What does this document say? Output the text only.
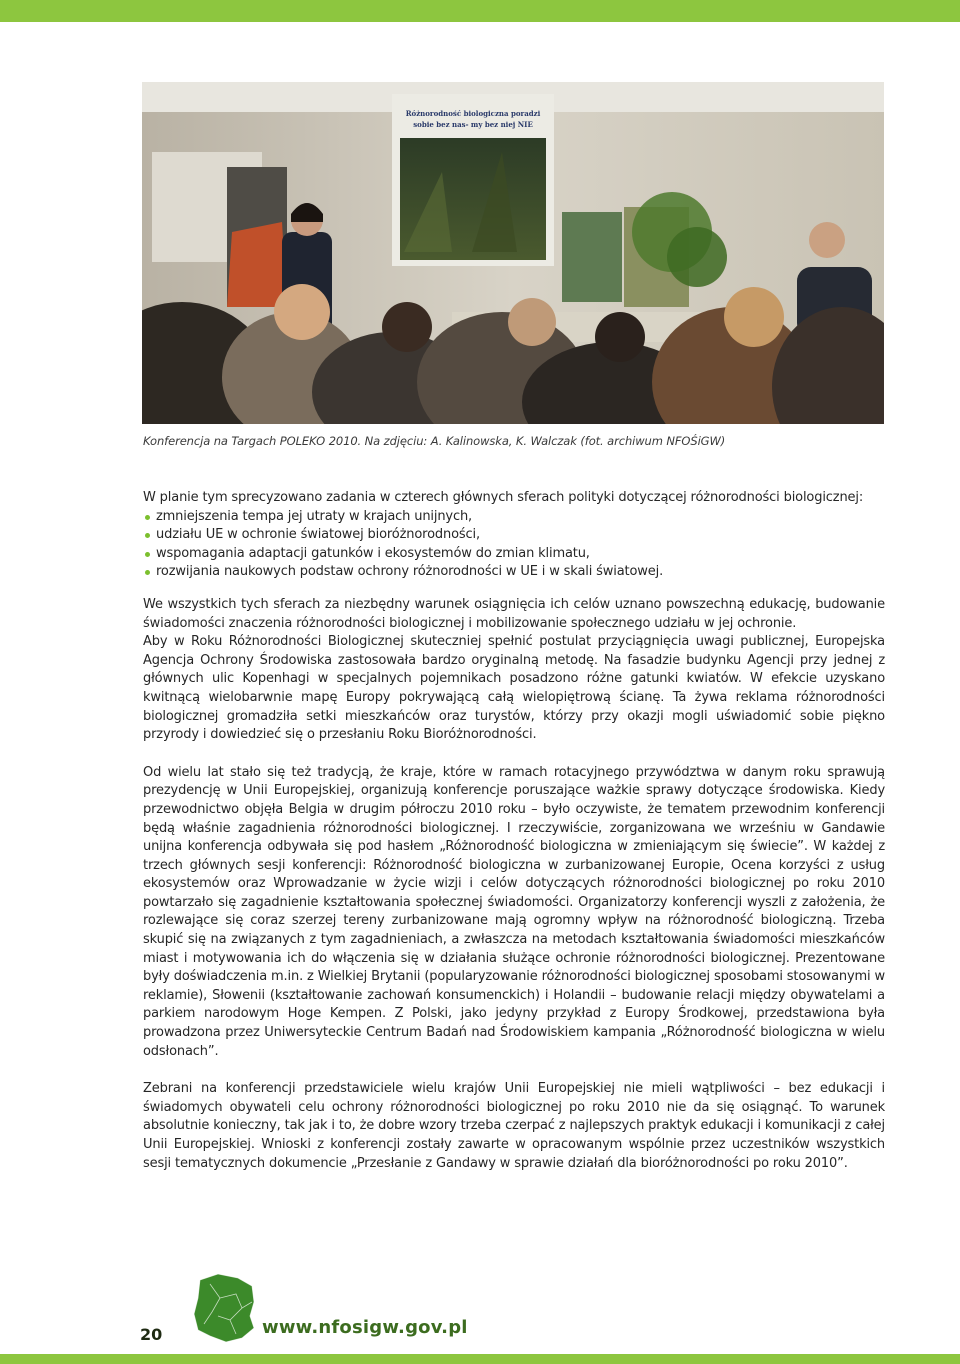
Różnorodność biologiczna poradzi
sobie bez nas- my bez niej NIE
Konferencja na Targach POLEKO 2010. Na zdjęciu: A. Kalinowska, K. Walczak (fot. archiwum NFOŚiGW)

W planie tym sprecyzowano zadania w czterech głównych sferach polityki dotyczącej różnorodności biologicznej:

zmniejszenia tempa jej utraty w krajach unijnych,
udziału UE w ochronie światowej bioróżnorodności,
wspomagania adaptacji gatunków i ekosystemów do zmian klimatu,
rozwijania naukowych podstaw ochrony różnorodności w UE i w skali światowej.

We wszystkich tych sferach za niezbędny warunek osiągnięcia ich celów uznano powszechną edukację, budowanie świadomości znaczenia różnorodności biologicznej i mobilizowanie społecznego udziału w jej ochronie.

Aby w Roku Różnorodności Biologicznej skuteczniej spełnić postulat przyciągnięcia uwagi publicznej, Europejska Agencja Ochrony Środowiska zastosowała bardzo oryginalną metodę. Na fasadzie budynku Agencji przy jednej z głównych ulic Kopenhagi w specjalnych pojemnikach posadzono różne gatunki kwiatów. W efekcie uzyskano kwitnącą wielobarwnie mapę Europy pokrywającą całą wielopiętrową ścianę. Ta żywa reklama różnorodności biologicznej gromadziła setki mieszkańców oraz turystów, którzy przy okazji mogli uświadomić sobie piękno przyrody i dowiedzieć się o przesłaniu Roku Bioróżnorodności.

Od wielu lat stało się też tradycją, że kraje, które w ramach rotacyjnego przywództwa w danym roku sprawują prezydencję w Unii Europejskiej, organizują konferencje poruszające ważkie sprawy dotyczące środowiska. Kiedy przewodnictwo objęła Belgia w drugim półroczu 2010 roku – było oczywiste, że tematem przewodnim konferencji będą właśnie zagadnienia różnorodności biologicznej. I rzeczywiście, zorganizowana we wrześniu w Gandawie unijna konferencja odbywała się pod hasłem „Różnorodność biologiczna w zmieniającym się świecie”. W każdej z trzech głównych sesji konferencji: Różnorodność biologiczna w zurbanizowanej Europie, Ocena korzyści z usług ekosystemów oraz Wprowadzanie w życie wizji i celów dotyczących różnorodności biologicznej po roku 2010 powtarzało się zagadnienie kształtowania społecznej świadomości. Organizatorzy konferencji wyszli z założenia, że rozlewające się coraz szerzej tereny zurbanizowane mają ogromny wpływ na różnorodność biologiczną. Trzeba skupić się na związanych z tym zagadnieniach, a zwłaszcza na metodach kształtowania świadomości mieszkańców miast i motywowania ich do włączenia się w działania służące ochronie różnorodności biologicznej. Prezentowane były doświadczenia m.in. z Wielkiej Brytanii (popularyzowanie różnorodności biologicznej sposobami stosowanymi w reklamie), Słowenii (kształtowanie zachowań konsumenckich) i Holandii – budowanie relacji między obywatelami a parkiem narodowym Hoge Kempen. Z Polski, jako jedyny przykład z Europy Środkowej, przedstawiona była prowadzona przez Uniwersyteckie Centrum Badań nad Środowiskiem kampania „Różnorodność biologiczna w wielu odsłonach”.

Zebrani na konferencji przedstawiciele wielu krajów Unii Europejskiej nie mieli wątpliwości – bez edukacji i świadomych obywateli celu ochrony różnorodności biologicznej po roku 2010 nie da się osiągnąć. To warunek absolutnie konieczny, tak jak i to, że dobre wzory trzeba czerpać z najlepszych praktyk edukacji i komunikacji z całej Unii Europejskiej. Wnioski z konferencji zostały zawarte w opracowanym wspólnie przez uczestników wszystkich sesji tematycznych dokumencie „Przesłanie z Gandawy w sprawie działań dla bioróżnorodności po roku 2010”.

20	www.nfosigw.gov.pl
